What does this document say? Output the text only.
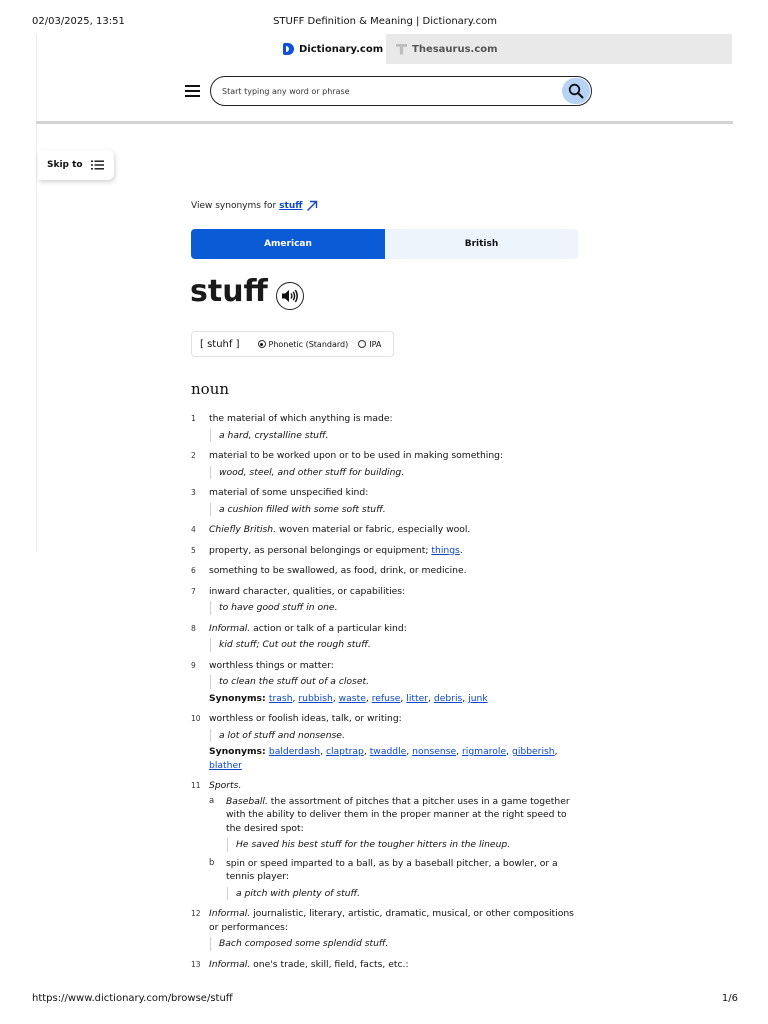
02/03/2025, 13:51	STUFF Definition & Meaning | Dictionary.com
Dictionary.com	Thesaurus.com
Start typing any word or phrase
Skip to
View synonyms for stuff
American	British
stuff
[ stuhf ]	Phonetic (Standard)	IPA
noun
1 the material of which anything is made:
a hard, crystalline stuff.
2 material to be worked upon or to be used in making something:
wood, steel, and other stuff for building.
3 material of some unspecified kind:
a cushion filled with some soft stuff.
4 Chiefly British. woven material or fabric, especially wool.
5 property, as personal belongings or equipment; things.
6 something to be swallowed, as food, drink, or medicine.
7 inward character, qualities, or capabilities:
to have good stuff in one.
8 Informal. action or talk of a particular kind:
kid stuff; Cut out the rough stuff.
9 worthless things or matter:
to clean the stuff out of a closet.
Synonyms: trash, rubbish, waste, refuse, litter, debris, junk
10 worthless or foolish ideas, talk, or writing:
a lot of stuff and nonsense.
Synonyms: balderdash, claptrap, twaddle, nonsense, rigmarole, gibberish, blather
11 Sports.
a Baseball. the assortment of pitches that a pitcher uses in a game together with the ability to deliver them in the proper manner at the right speed to the desired spot:
He saved his best stuff for the tougher hitters in the lineup.
b spin or speed imparted to a ball, as by a baseball pitcher, a bowler, or a tennis player:
a pitch with plenty of stuff.
12 Informal. journalistic, literary, artistic, dramatic, musical, or other compositions or performances:
Bach composed some splendid stuff.
13 Informal. one's trade, skill, field, facts, etc.:
https://www.dictionary.com/browse/stuff	1/6
